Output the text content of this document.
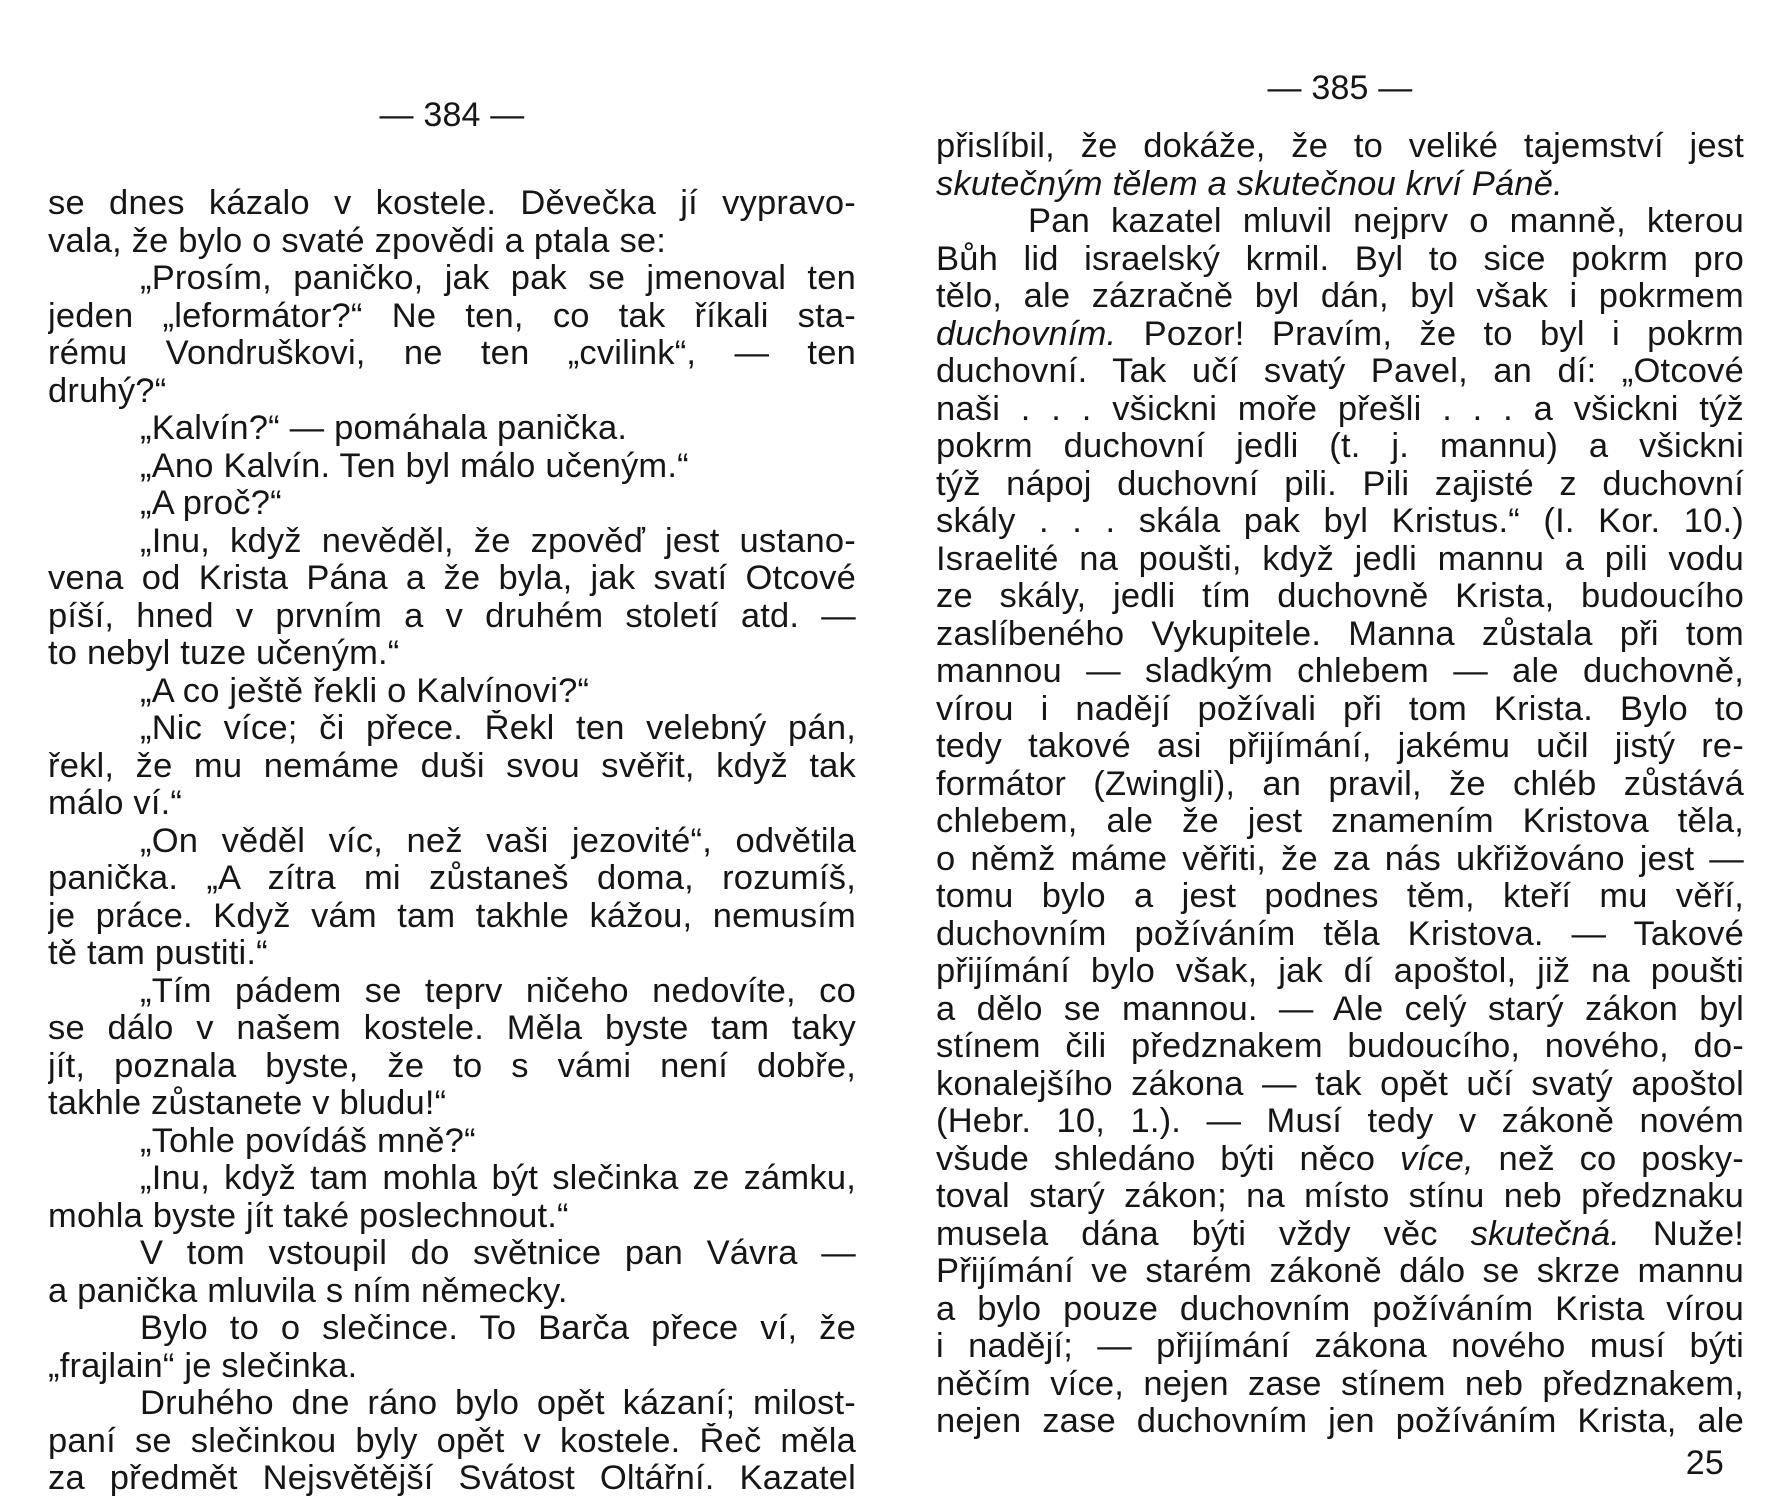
— 384 —
se dnes kázalo v kostele. Děvečka jí vypravo-
vala, že bylo o svaté zpovědi a ptala se:
„Prosím, paničko, jak pak se jmenoval ten
jeden „leformátor?“ Ne ten, co tak říkali sta-
rému Vondruškovi, ne ten „cvilink“, — ten
druhý?“
„Kalvín?“ — pomáhala panička.
„Ano Kalvín. Ten byl málo učeným.“
„A proč?“
„Inu, když nevěděl, že zpověď jest ustano-
vena od Krista Pána a že byla, jak svatí Otcové
píší, hned v prvním a v druhém století atd. —
to nebyl tuze učeným.“
„A co ještě řekli o Kalvínovi?“
„Nic více; či přece. Řekl ten velebný pán,
řekl, že mu nemáme duši svou svěřit, když tak
málo ví.“
„On věděl víc, než vaši jezovité“, odvětila
panička. „A zítra mi zůstaneš doma, rozumíš,
je práce. Když vám tam takhle kážou, nemusím
tě tam pustiti.“
„Tím pádem se teprv ničeho nedovíte, co
se dálo v našem kostele. Měla byste tam taky
jít, poznala byste, že to s vámi není dobře,
takhle zůstanete v bludu!“
„Tohle povídáš mně?“
„Inu, když tam mohla být slečinka ze zámku,
mohla byste jít také poslechnout.“
V tom vstoupil do světnice pan Vávra —
a panička mluvila s ním německy.
Bylo to o slečince. To Barča přece ví, že
„frajlain“ je slečinka.
Druhého dne ráno bylo opět kázaní; milost-
paní se slečinkou byly opět v kostele. Řeč měla
za předmět Nejsvětější Svátost Oltářní. Kazatel
— 385 —
přislíbil, že dokáže, že to veliké tajemství jest
skutečným tělem a skutečnou krví Páně.
Pan kazatel mluvil nejprv o manně, kterou
Bůh lid israelský krmil. Byl to sice pokrm pro
tělo, ale zázračně byl dán, byl však i pokrmem
duchovním. Pozor! Pravím, že to byl i pokrm
duchovní. Tak učí svatý Pavel, an dí: „Otcové
naši . . . všickni moře přešli . . . a všickni týž
pokrm duchovní jedli (t. j. mannu) a všickni
týž nápoj duchovní pili. Pili zajisté z duchovní
skály . . . skála pak byl Kristus.“ (I. Kor. 10.)
Israelité na poušti, když jedli mannu a pili vodu
ze skály, jedli tím duchovně Krista, budoucího
zaslíbeného Vykupitele. Manna zůstala při tom
mannou — sladkým chlebem — ale duchovně,
vírou i nadějí požívali při tom Krista. Bylo to
tedy takové asi přijímání, jakému učil jistý re-
formátor (Zwingli), an pravil, že chléb zůstává
chlebem, ale že jest znamením Kristova těla,
o němž máme věřiti, že za nás ukřižováno jest —
tomu bylo a jest podnes těm, kteří mu věří,
duchovním požíváním těla Kristova. — Takové
přijímání bylo však, jak dí apoštol, již na poušti
a dělo se mannou. — Ale celý starý zákon byl
stínem čili předznakem budoucího, nového, do-
konalejšího zákona — tak opět učí svatý apoštol
(Hebr. 10, 1.). — Musí tedy v zákoně novém
všude shledáno býti něco více, než co posky-
toval starý zákon; na místo stínu neb předznaku
musela dána býti vždy věc skutečná. Nuže!
Přijímání ve starém zákoně dálo se skrze mannu
a bylo pouze duchovním požíváním Krista vírou
i nadějí; — přijímání zákona nového musí býti
něčím více, nejen zase stínem neb předznakem,
nejen zase duchovním jen požíváním Krista, ale
25
